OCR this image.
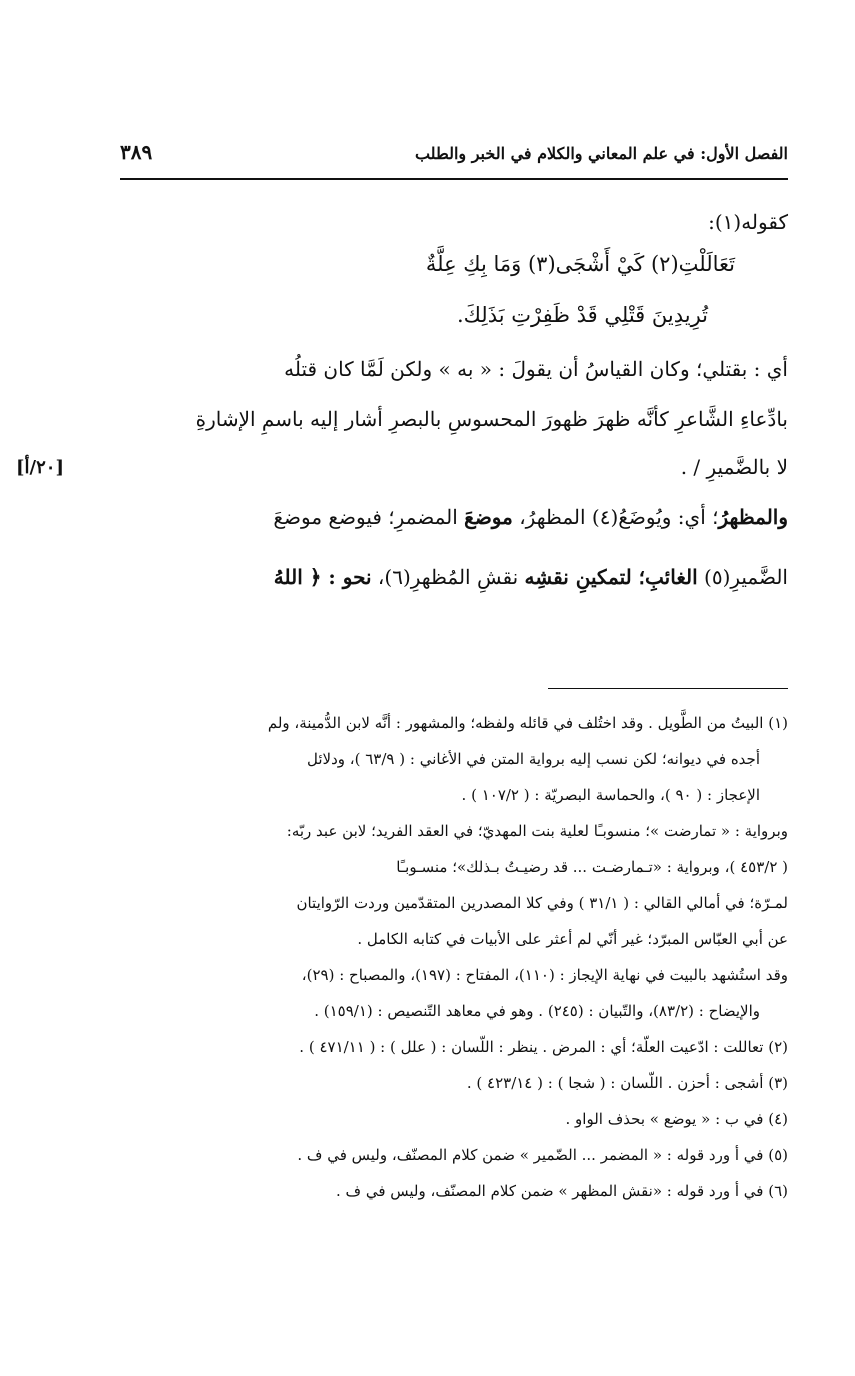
الفصل الأول: في علم المعاني والكلام في الخبر والطلب
٣٨٩
[٢٠/أ]
كقوله(١):
تَعَالَلْتِ(٢) كَيْ أَشْجَى(٣) وَمَا بِكِ عِلَّةٌ
تُرِيدِينَ قَتْلِي قَدْ ظَفِرْتِ بَذَلِكَ.
أي : بقتلي؛ وكان القياسُ أن يقولَ : « به » ولكن لَمَّا كان قتلُه
بادِّعاءِ الشَّاعرِ كأنَّه ظهرَ ظهورَ المحسوسِ بالبصرِ أشار إليه باسمِ الإشارةِ
لا بالضَّميرِ / .
والمظهرُ؛ أي: ويُوضَعُ(٤) المظهرُ، موضعَ المضمرِ؛ فيوضع موضعَ
الضَّميرِ(٥) الغائبِ؛ لتمكينِ نقشِه نقشِ المُظهرِ(٦)، نحو : ﴿ اللهُ
(١) البيتُ من الطَّويل . وقد اختُلف في قائله ولفظه؛ والمشهور : أنَّه لابن الدُّمينة، ولم
أجده في ديوانه؛ لكن نسب إليه برواية المتن في الأغاني : ( ٦٣/٩ )، ودلائل
الإعجاز : ( ٩٠ )، والحماسة البصريّة : ( ١٠٧/٢ ) .
وبرواية : « تمارضت »؛ منسوبـًا لعلية بنت المهديّ؛ في العقد الفريد؛ لابن عبد ربّه:
( ٤٥٣/٢ )، وبرواية : «تـمارضـت ... قد رضيـتُ بـذلك»؛ منسـوبـًا
لمـرّة؛ في أمالي القالي : ( ٣١/١ ) وفي كلا المصدرين المتقدّمين وردت الرّوايتان
عن أبي العبّاس المبرّد؛ غير أنّي لم أعثر على الأبيات في كتابه الكامل .
وقد استُشهد بالبيت في نهاية الإيجاز : (١١٠)، المفتاح : (١٩٧)، والمصباح : (٢٩)،
والإيضاح : (٨٣/٢)، والتّبيان : (٢٤٥) . وهو في معاهد التّنصيص : (١٥٩/١) .
(٢) تعاللت : ادّعيت العلّة؛ أي : المرض . ينظر : اللّسان : ( علل ) : ( ٤٧١/١١ ) .
(٣) أشجى : أحزن . اللّسان : ( شجا ) : ( ٤٢٣/١٤ ) .
(٤) في ب : « يوضع » بحذف الواو .
(٥) في أ ورد قوله : « المضمر ... الضّمير » ضمن كلام المصنّف، وليس في ف .
(٦) في أ ورد قوله : «نقش المظهر » ضمن كلام المصنّف، وليس في ف .
